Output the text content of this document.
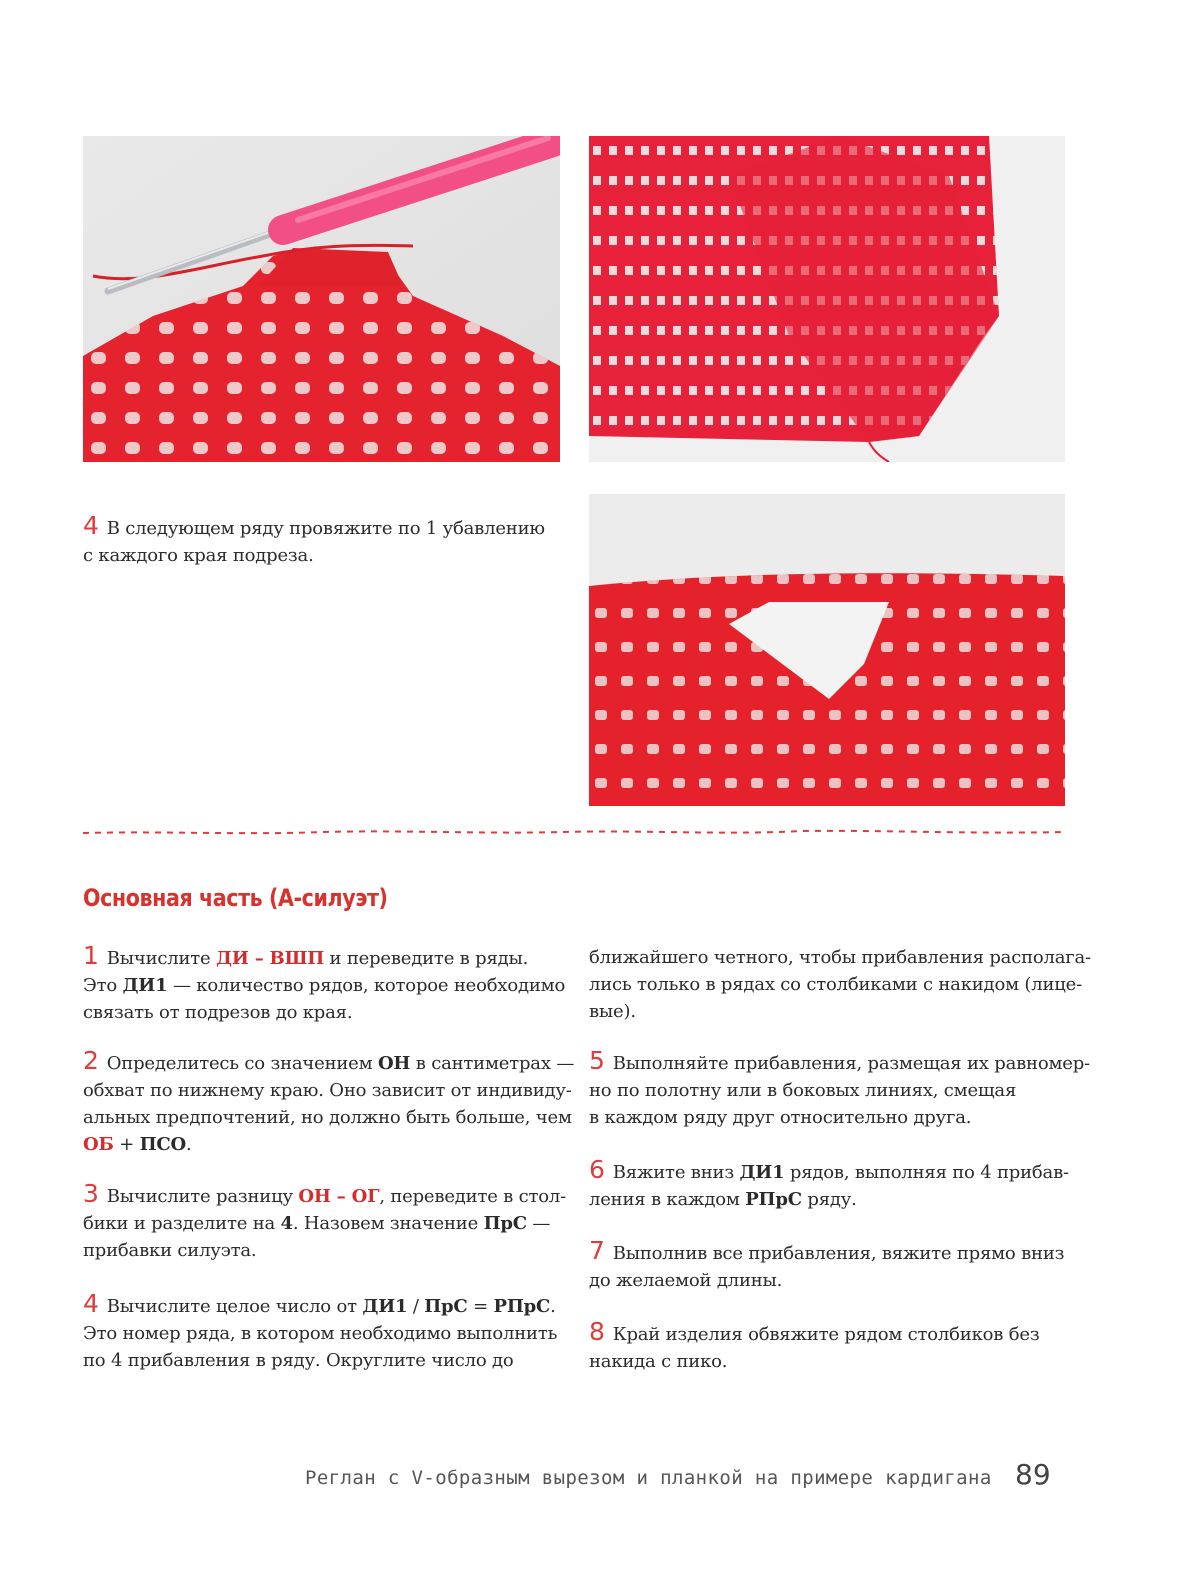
4 В следующем ряду провяжите по 1 убавлению
с каждого края подреза.
Основная часть (А-силуэт)
1 Вычислите ДИ – ВШП и переведите в ряды.
Это ДИ1 — количество рядов, которое необходимо
связать от подрезов до края.
2 Определитесь со значением ОН в сантиметрах —
обхват по нижнему краю. Оно зависит от индивиду-
альных предпочтений, но должно быть больше, чем
ОБ + ПСО.
3 Вычислите разницу ОН – ОГ, переведите в стол-
бики и разделите на 4. Назовем значение ПрС —
прибавки силуэта.
4 Вычислите целое число от ДИ1 / ПрС = РПрС.
Это номер ряда, в котором необходимо выполнить
по 4 прибавления в ряду. Округлите число до
ближайшего четного, чтобы прибавления располага-
лись только в рядах со столбиками с накидом (лице-
вые).
5 Выполняйте прибавления, размещая их равномер-
но по полотну или в боковых линиях, смещая
в каждом ряду друг относительно друга.
6 Вяжите вниз ДИ1 рядов, выполняя по 4 прибав-
ления в каждом РПрС ряду.
7 Выполнив все прибавления, вяжите прямо вниз
до желаемой длины.
8 Край изделия обвяжите рядом столбиков без
накида с пико.
Реглан с V-образным вырезом и планкой на примере кардигана 89
